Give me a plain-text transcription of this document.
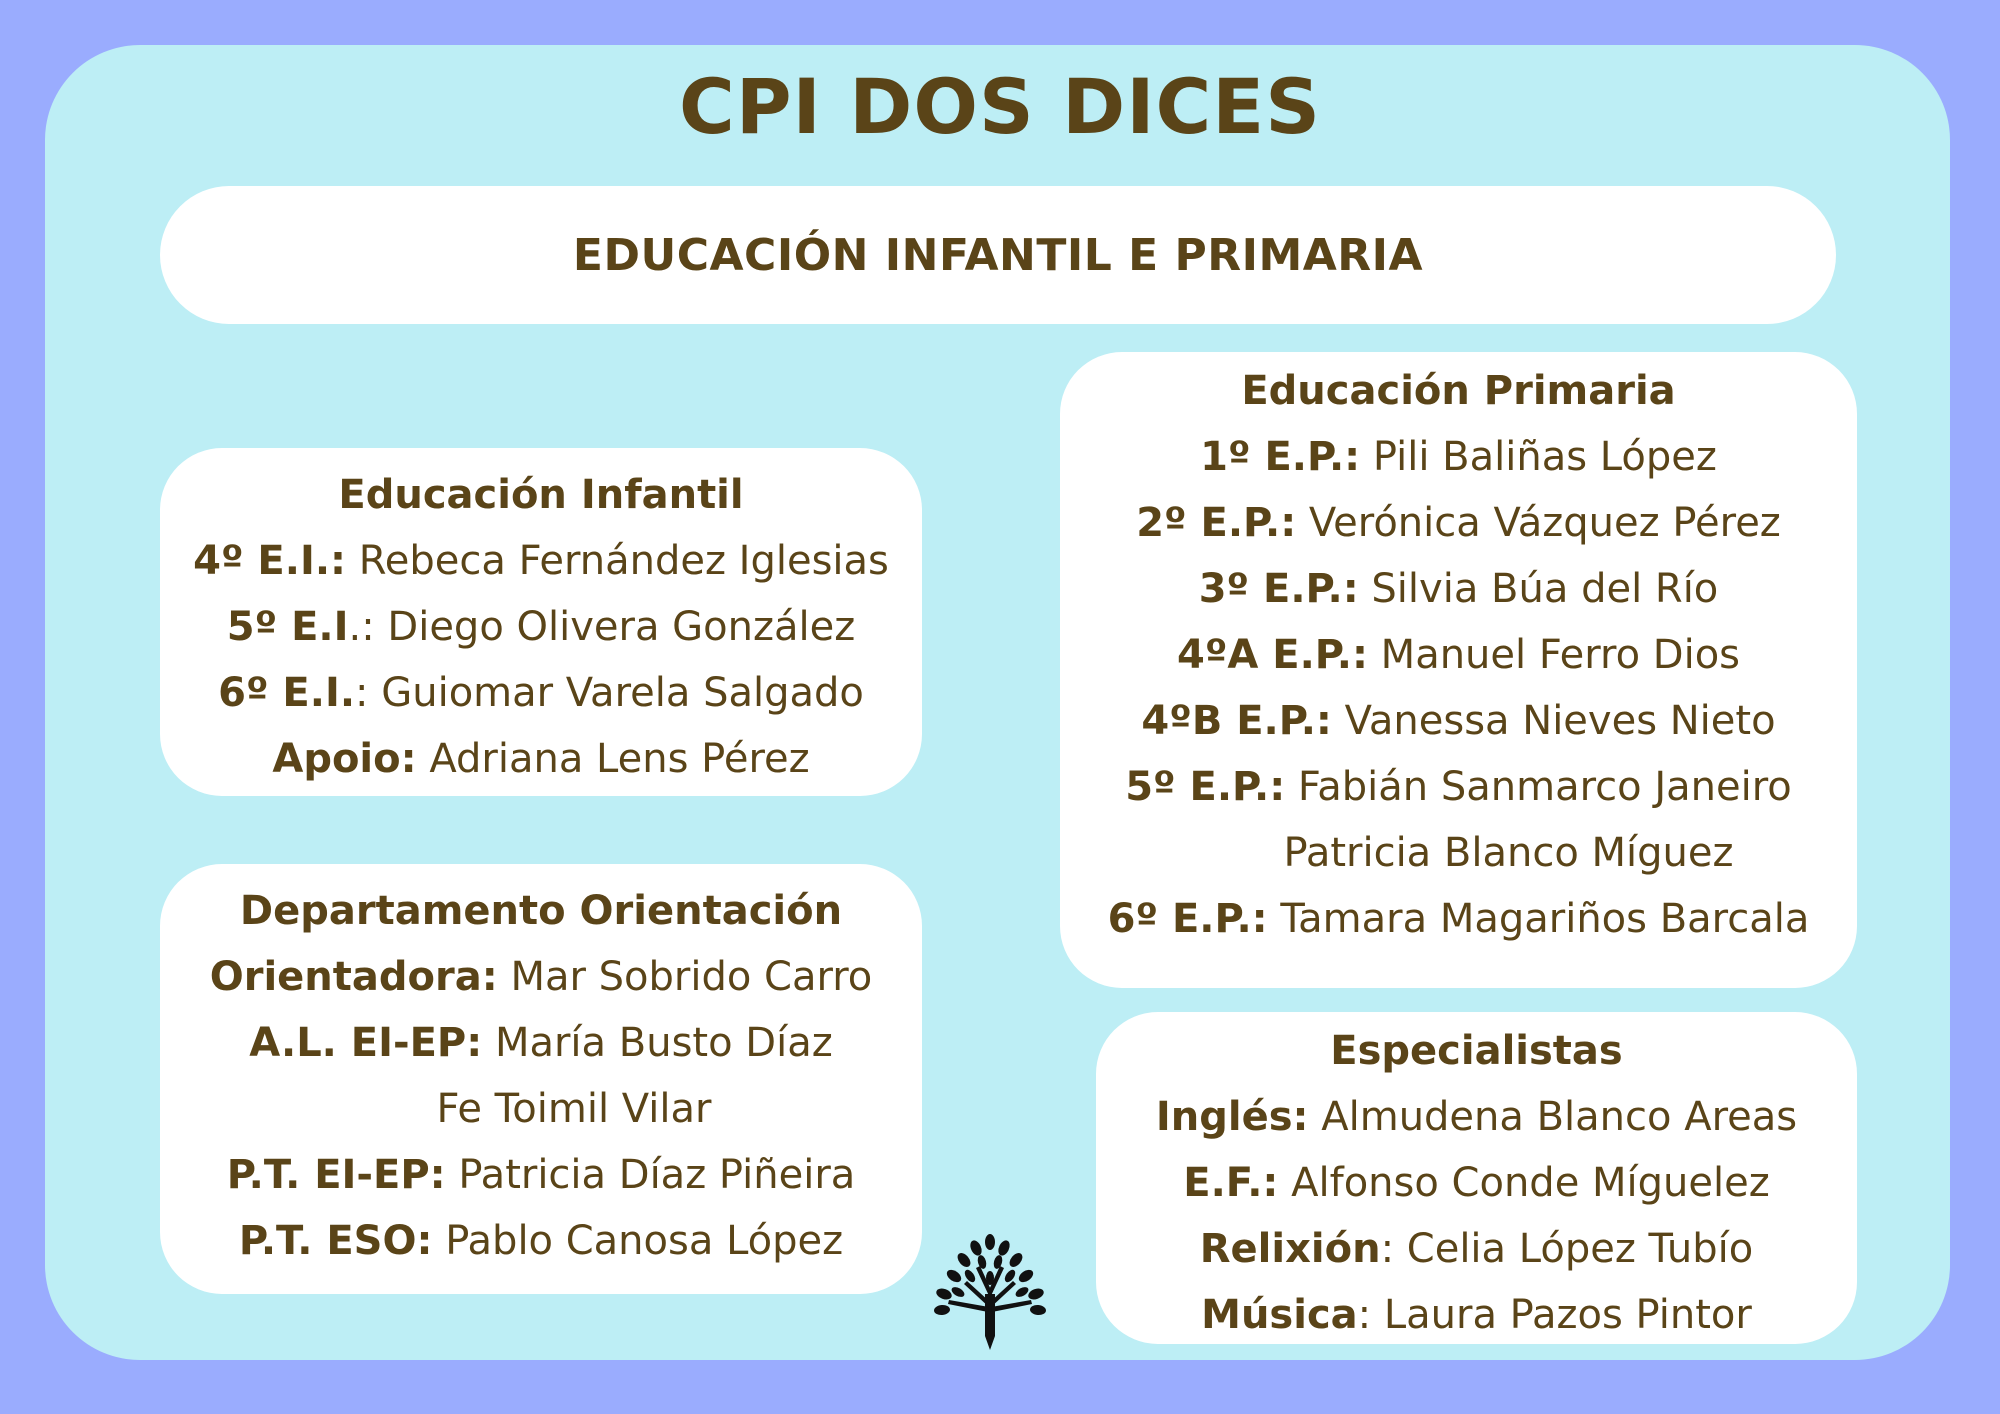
CPI DOS DICES
EDUCACIÓN INFANTIL E PRIMARIA
Educación Infantil
4º E.I.: Rebeca Fernández Iglesias
5º E.I.: Diego Olivera González
6º E.I.: Guiomar Varela Salgado
Apoio: Adriana Lens Pérez
Departamento Orientación
Orientadora: Mar Sobrido Carro
A.L. EI-EP: María Busto Díaz
Fe Toimil Vilar
P.T. EI-EP: Patricia Díaz Piñeira
P.T. ESO: Pablo Canosa López
Educación Primaria
1º E.P.: Pili Baliñas López
2º E.P.: Verónica Vázquez Pérez
3º E.P.: Silvia Búa del Río
4ºA E.P.: Manuel Ferro Dios
4ºB E.P.: Vanessa Nieves Nieto
5º E.P.: Fabián Sanmarco Janeiro
Patricia Blanco Míguez
6º E.P.: Tamara Magariños Barcala
Especialistas
Inglés: Almudena Blanco Areas
E.F.: Alfonso Conde Míguelez
Relixión: Celia López Tubío
Música: Laura Pazos Pintor
